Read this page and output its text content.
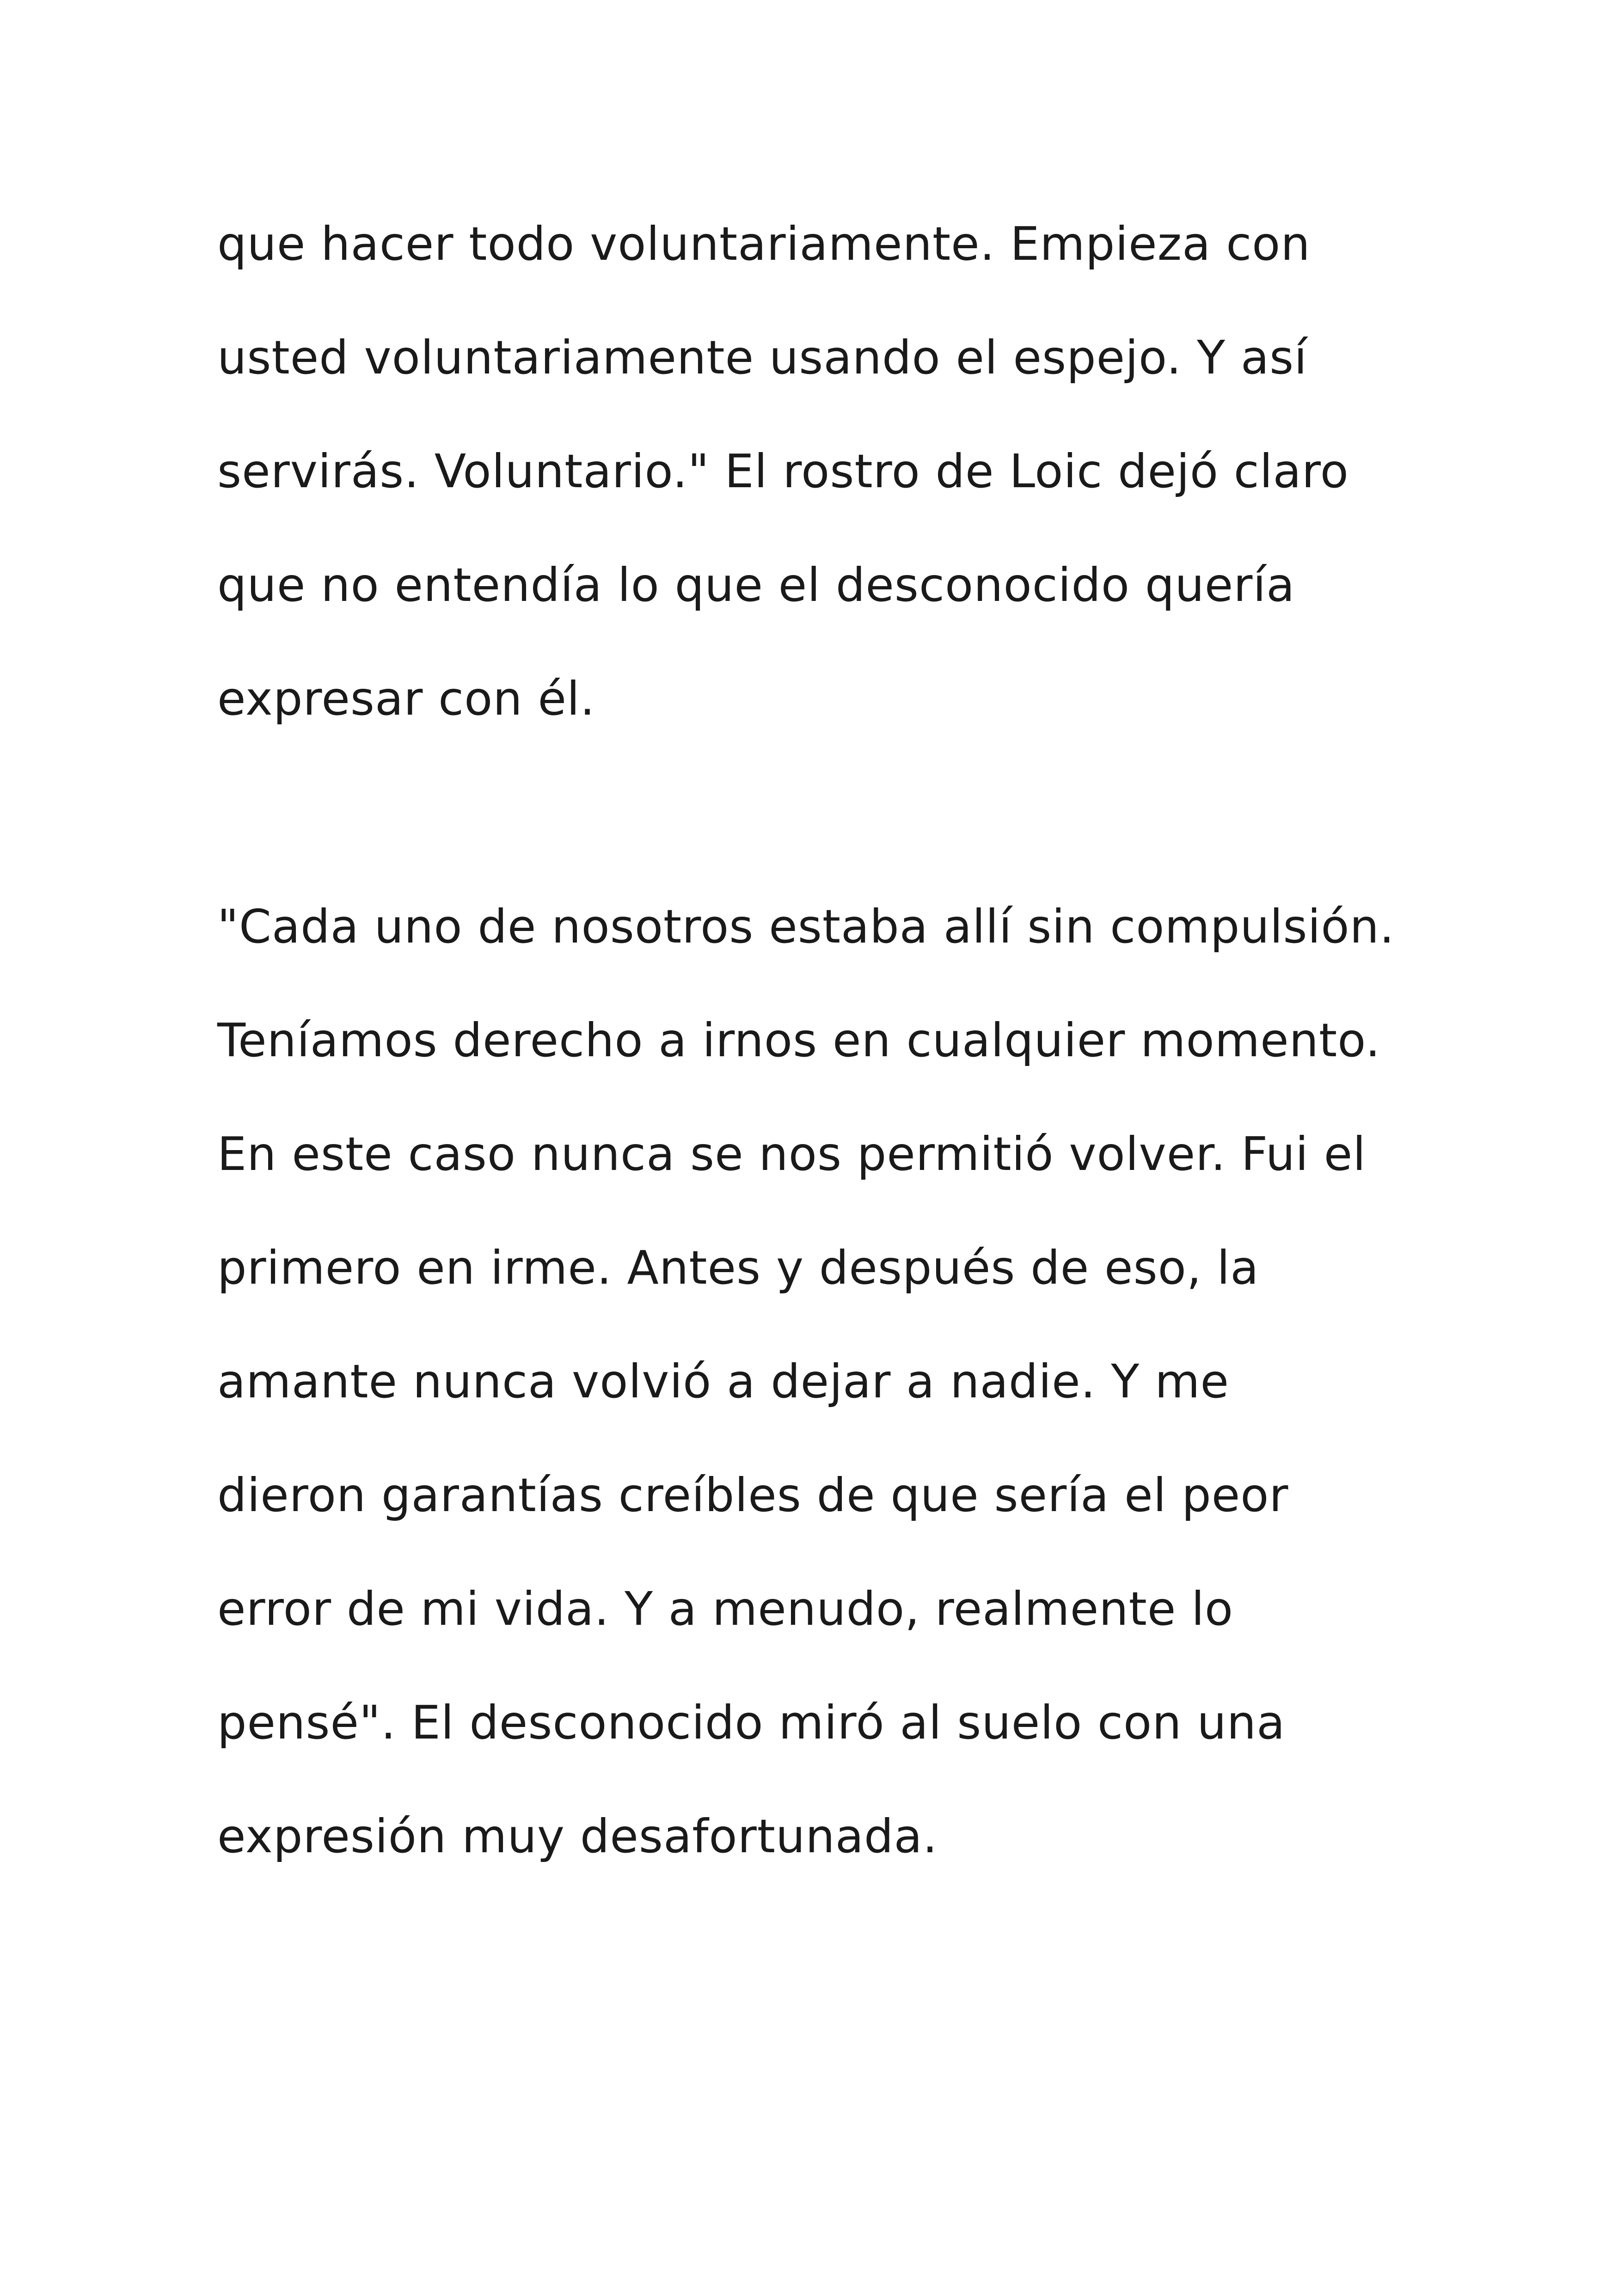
que hacer todo voluntariamente. Empieza con
usted voluntariamente usando el espejo. Y así
servirás. Voluntario." El rostro de Loic dejó claro
que no entendía lo que el desconocido quería
expresar con él.
"Cada uno de nosotros estaba allí sin compulsión.
Teníamos derecho a irnos en cualquier momento.
En este caso nunca se nos permitió volver. Fui el
primero en irme. Antes y después de eso, la
amante nunca volvió a dejar a nadie. Y me
dieron garantías creíbles de que sería el peor
error de mi vida. Y a menudo, realmente lo
pensé". El desconocido miró al suelo con una
expresión muy desafortunada.
